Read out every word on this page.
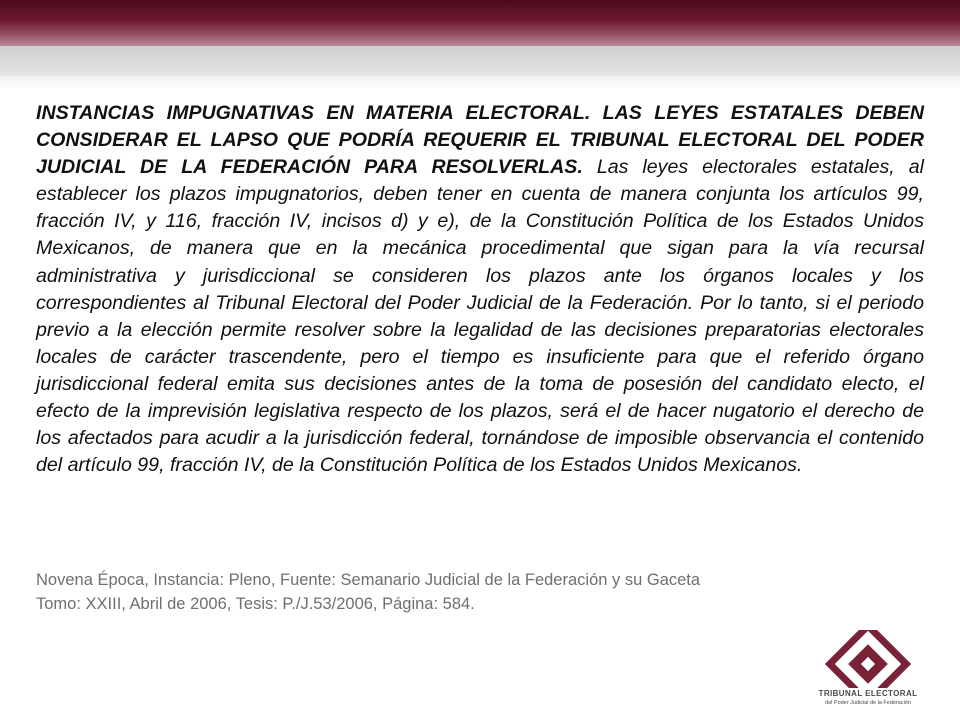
INSTANCIAS IMPUGNATIVAS EN MATERIA ELECTORAL. LAS LEYES ESTATALES DEBEN CONSIDERAR EL LAPSO QUE PODRÍA REQUERIR EL TRIBUNAL ELECTORAL DEL PODER JUDICIAL DE LA FEDERACIÓN PARA RESOLVERLAS. Las leyes electorales estatales, al establecer los plazos impugnatorios, deben tener en cuenta de manera conjunta los artículos 99, fracción IV, y 116, fracción IV, incisos d) y e), de la Constitución Política de los Estados Unidos Mexicanos, de manera que en la mecánica procedimental que sigan para la vía recursal administrativa y jurisdiccional se consideren los plazos ante los órganos locales y los correspondientes al Tribunal Electoral del Poder Judicial de la Federación. Por lo tanto, si el periodo previo a la elección permite resolver sobre la legalidad de las decisiones preparatorias electorales locales de carácter trascendente, pero el tiempo es insuficiente para que el referido órgano jurisdiccional federal emita sus decisiones antes de la toma de posesión del candidato electo, el efecto de la imprevisión legislativa respecto de los plazos, será el de hacer nugatorio el derecho de los afectados para acudir a la jurisdicción federal, tornándose de imposible observancia el contenido del artículo 99, fracción IV, de la Constitución Política de los Estados Unidos Mexicanos.

Novena Época, Instancia: Pleno, Fuente: Semanario Judicial de la Federación y su Gaceta
Tomo: XXIII, Abril de 2006, Tesis: P./J.53/2006, Página: 584.

TRIBUNAL ELECTORAL
del Poder Judicial de la Federación
